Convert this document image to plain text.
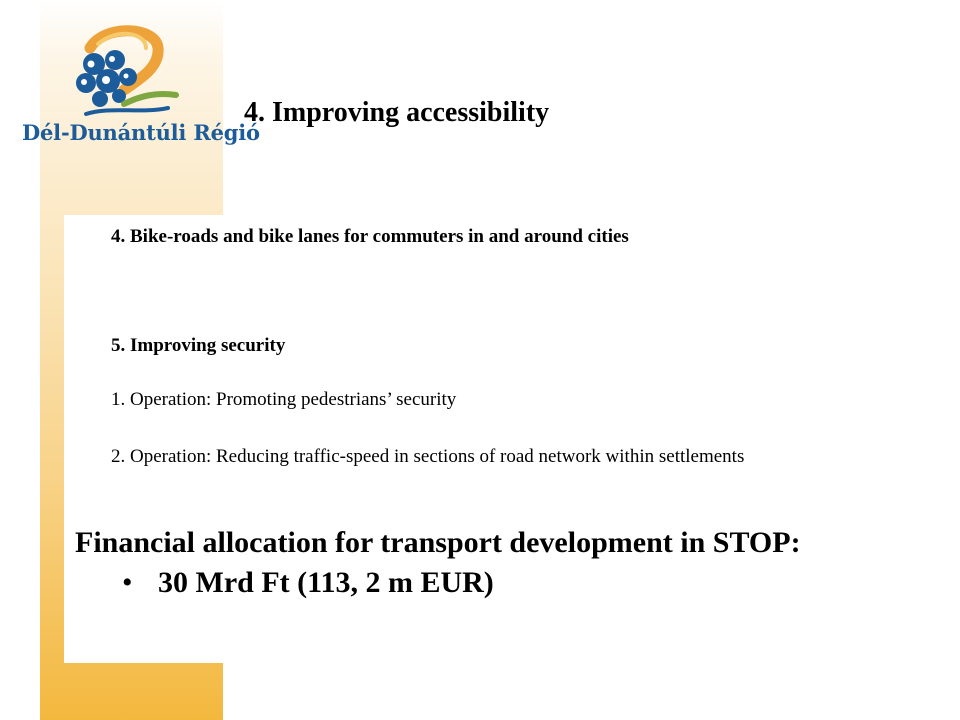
Dél-Dunántúli Régió
4. Improving accessibility
4. Bike-roads and bike lanes for commuters in and around cities
5. Improving security
1. Operation: Promoting pedestrians’ security
2. Operation: Reducing traffic-speed in sections of road network within settlements
Financial allocation for transport development in STOP:
• 30 Mrd Ft (113, 2 m EUR)
